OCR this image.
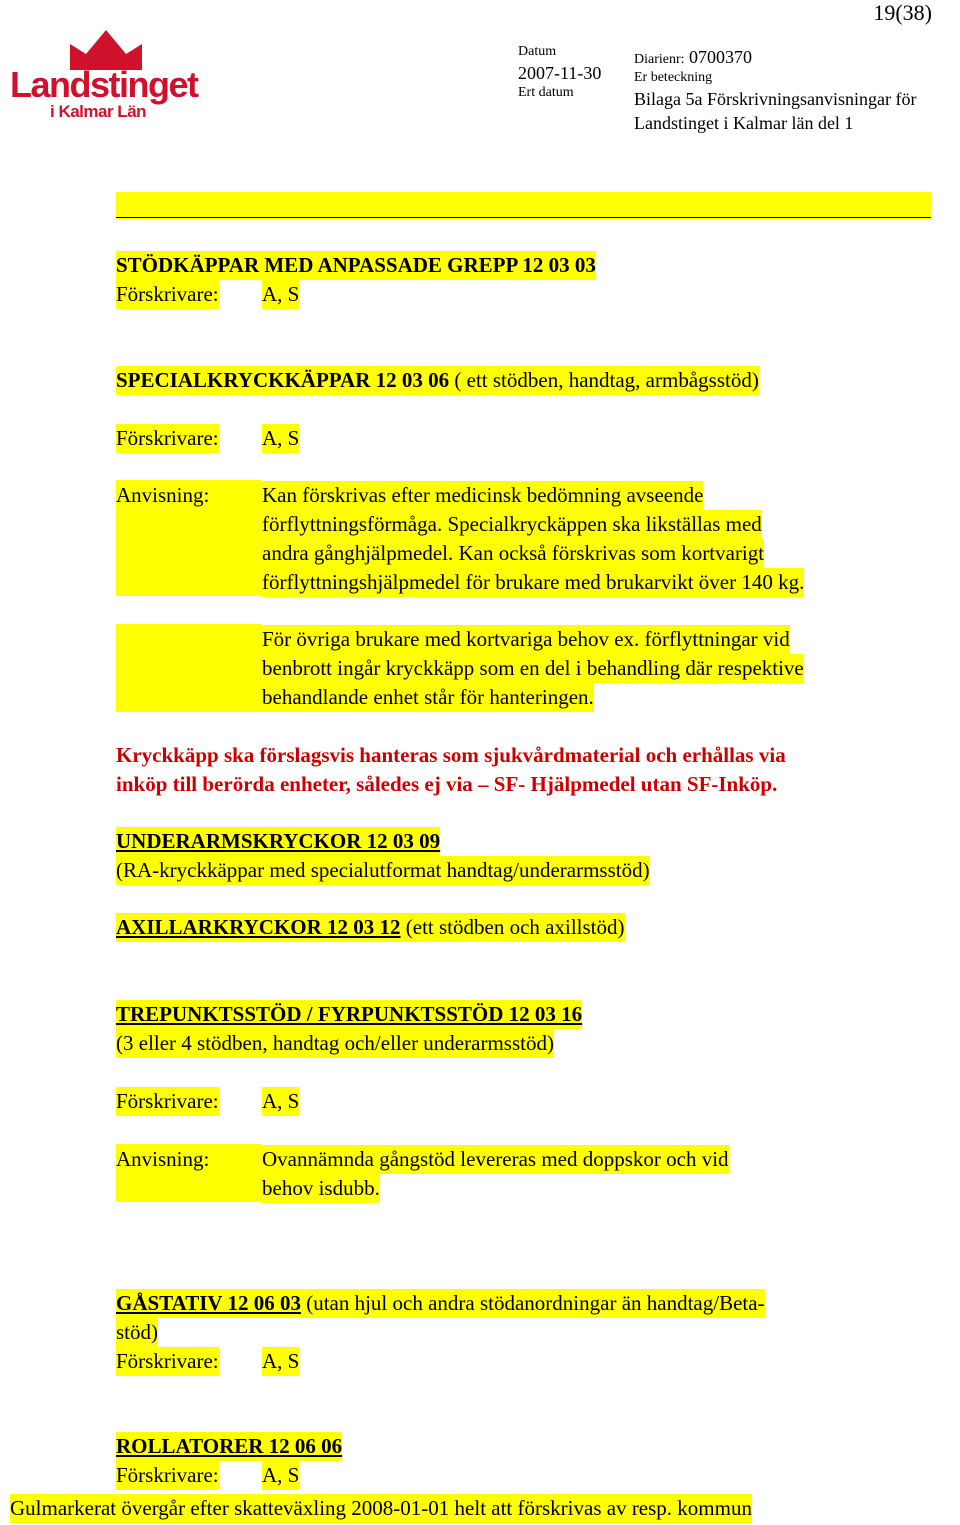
19(38)
Landstinget
i Kalmar Län
Datum
2007-11-30
Ert datum
Diarienr: 0700370
Er beteckning
Bilaga 5a Förskrivningsanvisningar för
Landstinget i Kalmar län del 1
STÖDKÄPPAR MED ANPASSADE GREPP 12 03 03
Förskrivare: A, S
SPECIALKRYCKKÄPPAR 12 03 06 ( ett stödben, handtag, armbågsstöd)
Förskrivare: A, S
Anvisning:	Kan förskrivas efter medicinsk bedömning avseende
förflyttningsförmåga. Specialkryckäppen ska likställas med
andra gånghjälpmedel. Kan också förskrivas som kortvarigt
förflyttningshjälpmedel för brukare med brukarvikt över 140 kg.
För övriga brukare med kortvariga behov ex. förflyttningar vid
benbrott ingår kryckkäpp som en del i behandling där respektive
behandlande enhet står för hanteringen.
Kryckkäpp ska förslagsvis hanteras som sjukvårdmaterial och erhållas via
inköp till berörda enheter, således ej via – SF- Hjälpmedel utan SF-Inköp.
UNDERARMSKRYCKOR 12 03 09
(RA-kryckkäppar med specialutformat handtag/underarmsstöd)
AXILLARKRYCKOR 12 03 12 (ett stödben och axillstöd)
TREPUNKTSSTÖD / FYRPUNKTSSTÖD 12 03 16
(3 eller 4 stödben, handtag och/eller underarmsstöd)
Förskrivare: A, S
Anvisning:	Ovannämnda gångstöd levereras med doppskor och vid
behov isdubb.
GÅSTATIV 12 06 03 (utan hjul och andra stödanordningar än handtag/Beta-
stöd)
Förskrivare: A, S
ROLLATORER 12 06 06
Förskrivare: A, S
Gulmarkerat övergår efter skatteväxling 2008-01-01 helt att förskrivas av resp. kommun
